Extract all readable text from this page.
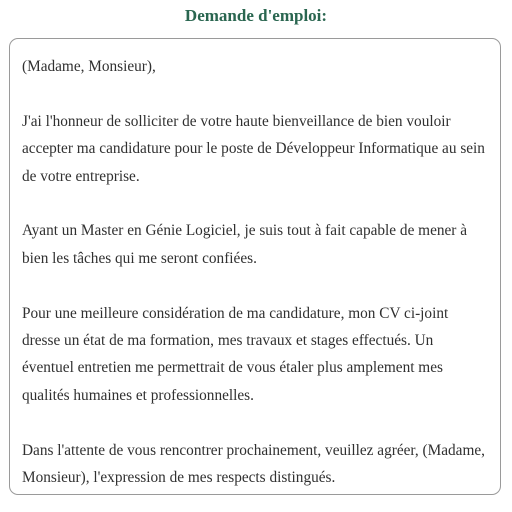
Demande d'emploi:

(Madame, Monsieur),

J'ai l'honneur de solliciter de votre haute bienveillance de bien vouloir accepter ma candidature pour le poste de Développeur Informatique au sein de votre entreprise.

Ayant un Master en Génie Logiciel, je suis tout à fait capable de mener à bien les tâches qui me seront confiées.

Pour une meilleure considération de ma candidature, mon CV ci-joint dresse un état de ma formation, mes travaux et stages effectués. Un éventuel entretien me permettrait de vous étaler plus amplement mes qualités humaines et professionnelles.

Dans l'attente de vous rencontrer prochainement, veuillez agréer, (Madame, Monsieur), l'expression de mes respects distingués.
